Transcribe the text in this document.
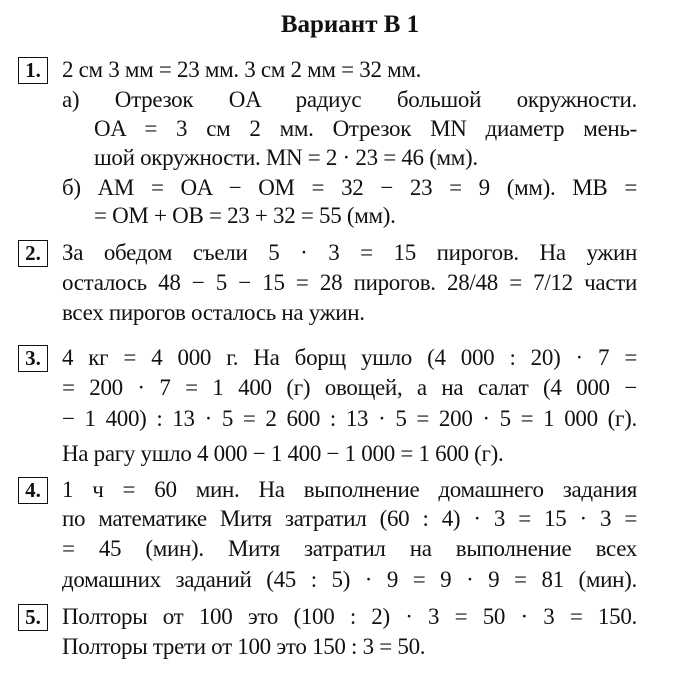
Вариант В 1
1. 2 см 3 мм = 23 мм. 3 см 2 мм = 32 мм.
а) Отрезок OA радиус большой окружности.
OA = 3 см 2 мм. Отрезок MN диаметр мень-
шой окружности. MN = 2 · 23 = 46 (мм).
б) AM = OA − OM = 32 − 23 = 9 (мм). MB =
= OM + OB = 23 + 32 = 55 (мм).
2. За обедом съели 5 · 3 = 15 пирогов. На ужин
осталось 48 − 5 − 15 = 28 пирогов. 28/48 = 7/12 части
всех пирогов осталось на ужин.
3. 4 кг = 4 000 г. На борщ ушло (4 000 : 20) · 7 =
= 200 · 7 = 1 400 (г) овощей, а на салат (4 000 −
− 1 400) : 13 · 5 = 2 600 : 13 · 5 = 200 · 5 = 1 000 (г).
На рагу ушло 4 000 − 1 400 − 1 000 = 1 600 (г).
4. 1 ч = 60 мин. На выполнение домашнего задания
по математике Митя затратил (60 : 4) · 3 = 15 · 3 =
= 45 (мин). Митя затратил на выполнение всех
домашних заданий (45 : 5) · 9 = 9 · 9 = 81 (мин).
5. Полторы от 100 это (100 : 2) · 3 = 50 · 3 = 150.
Полторы трети от 100 это 150 : 3 = 50.
